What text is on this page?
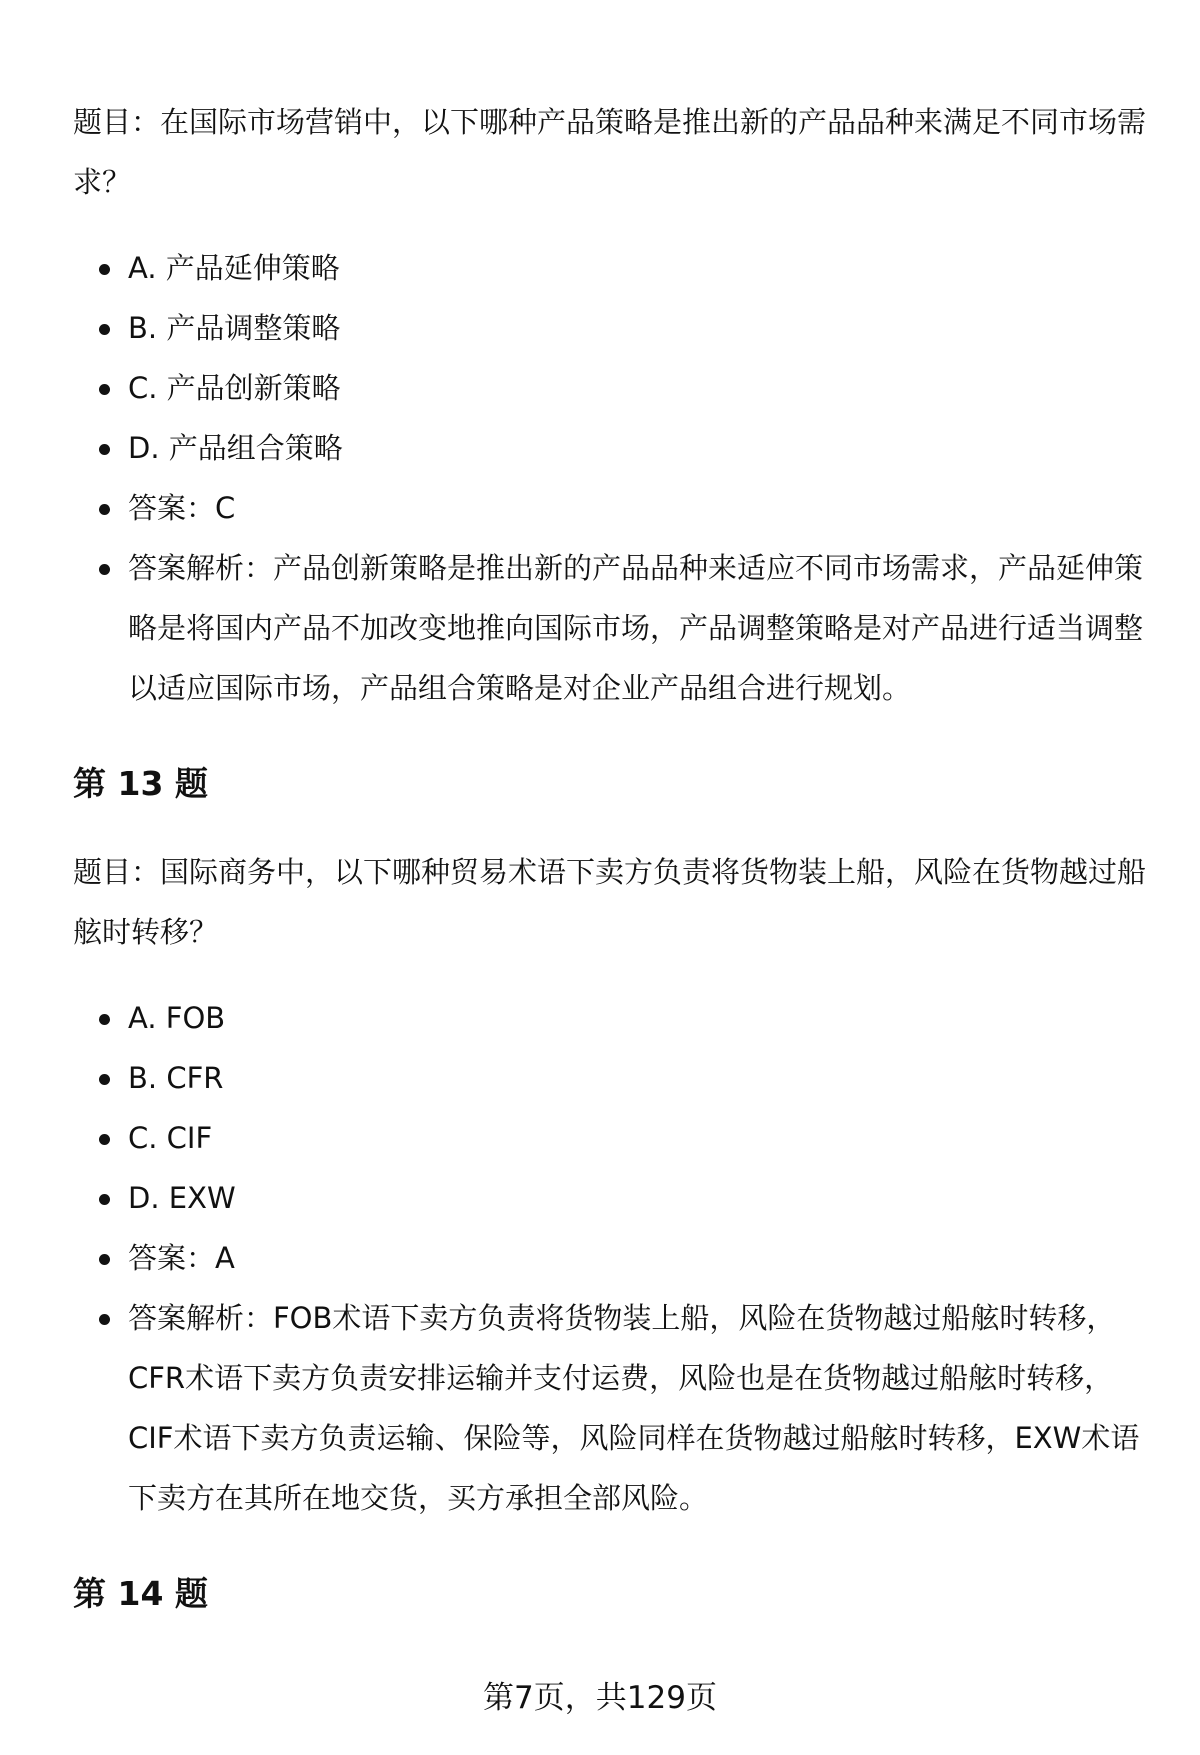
题目：在国际市场营销中，以下哪种产品策略是推出新的产品品种来满足不同市场需求？

A. 产品延伸策略
B. 产品调整策略
C. 产品创新策略
D. 产品组合策略
答案：C
答案解析：产品创新策略是推出新的产品品种来适应不同市场需求，产品延伸策略是将国内产品不加改变地推向国际市场，产品调整策略是对产品进行适当调整以适应国际市场，产品组合策略是对企业产品组合进行规划。
第 13 题

题目：国际商务中，以下哪种贸易术语下卖方负责将货物装上船，风险在货物越过船舷时转移？

A. FOB
B. CFR
C. CIF
D. EXW
答案：A
答案解析：FOB术语下卖方负责将货物装上船，风险在货物越过船舷时转移，CFR术语下卖方负责安排运输并支付运费，风险也是在货物越过船舷时转移，CIF术语下卖方负责运输、保险等，风险同样在货物越过船舷时转移，EXW术语下卖方在其所在地交货，买方承担全部风险。
第 14 题
第7页，共129页
